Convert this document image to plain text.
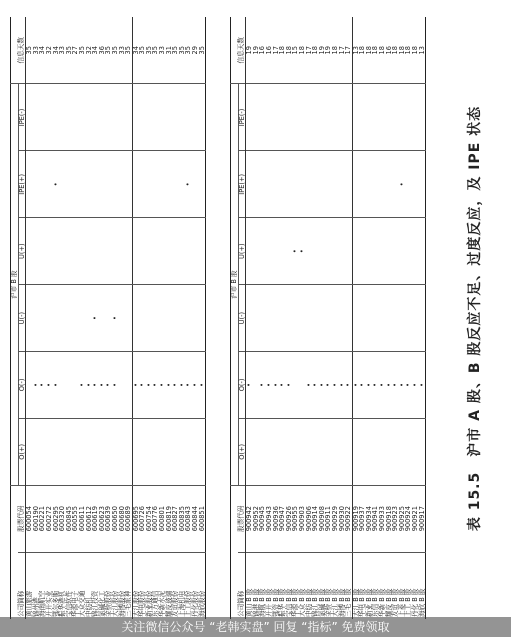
表 15.5　沪市 A 股、B 股反应不足、过度反应，及 IPE 状态
		沪市 B 股						
公司简称	股票代码	O(+)	O(-)	U(-)	U(+)	IPE(+)	IPE(-)	信息天数
黄山旅游	600054							35
锦州港	600190		•					33
海南航空	600221		•					34
开开实业	600272		•					32
鄂尔多斯	600295		•			•		34
振华港机	600320							33
宝信软件	600845							35
华源电子	600555							27
大众交通	600611		•					35
中纺机	600612		•					32
锦江投资	600619		•	•				34
氯碱化工	600623		•					36
金桥股份	600639		•					35
大江股份	600650		•	•				35
海博股份	600680							33
三毛派神	600689							35
大江股份	600695		•					34
华电股份	600726		•					35
新亚股份	600754		•					35
东方通信	600776		•					35
华新水泥	600801		•					33
耀皮玻璃	600819		•					31
友谊股份	600827		•					35
上海机电	600835		•					35
上工股份	600843		•			•		35
丹化股份	600844		•					29
海欣股份	600851		•					35
		沪市 B 股						
公司简称	股票代码	O(+)	O(-)	U(-)	U(+)	IPE(+)	IPE(-)	信息天数
黄山 B 股	900942		•					19
锦港 B 股	900952							19
海航 B 股	900945		•					16
开开 B 股	900943		•					16
鄂资 B 股	900936		•					17
振华 B 股	900947		•					18
宝信 B 股	900926		•					18
华源 B 股	900955				•			15
大众 B 股	900903				•			18
中纺 B 股	900906		•					17
锦江 B 股	900914		•					18
氯碱 B 股	900908		•					19
金桥 B 股	900911		•					19
大江 B 股	900929		•					18
海博 B 股	900930		•					17
三毛 B 股	900922		•					17
大江 B 股	900919		•					13
华电 B 股	900937		•					18
新亚 B 股	900934		•					18
东信 B 股	900941		•					18
华新 B 股	900933		•					18
耀皮 B 股	900918		•					16
友谊 B 股	900923		•					18
上菱 B 股	900925		•			•		18
上工 B 股	900924		•					18
丹化 B 股	900921		•					18
海欣 B 股	900917		•					13
关注微信公众号 “老韩实盘” 回复 “指标” 免费领取
